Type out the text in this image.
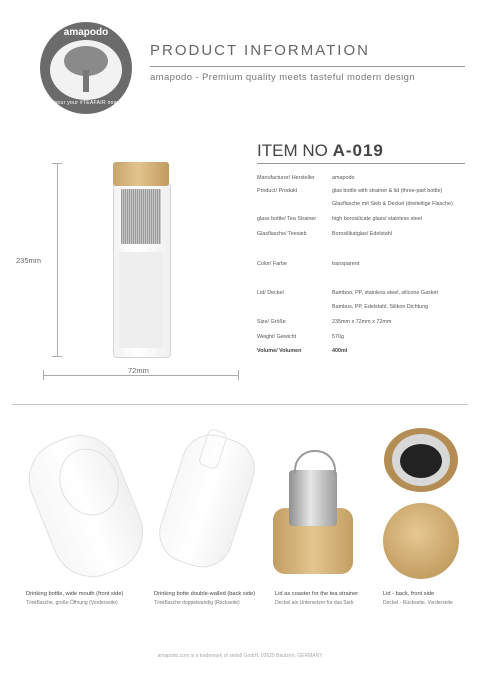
amapodo
pour your #TEAFAIR now
PRODUCT INFORMATION
amapodo - Premium quality meets tasteful modern design
ITEM NO A-019
Manufacturer/ Hersteller	amapodo
Product/ Produkt	glas bottle with strainer & lid (three-part bottle)
Glasflasche mit Sieb & Deckel (dreiteilige Flasche)
glass bottle/ Tea Strainer	high borosilicate glass/ stainless steel
Glasflasche/ Teesieb	Borosilikatglas/ Edelstahl
Color/ Farbe	transparent
Lid/ Deckel	Bamboo, PP, stainless steel, silicone Gasket
Bambus, PP, Edelstahl, Silikon Dichtung
Size/ Größe	235mm x 72mm x 72mm
Weight/ Gewicht	570g
Volume/ Volumen	400ml
235mm
72mm
Drinking bottle, wide mouth (front side)
Trinkflasche, große Öffnung (Vorderseite)
Drinking botte double-walled (back side)
Trinkflasche doppelwandig (Rückseite)
Lid as coaster for the tea strainer
Deckel als Untersetzer für das Sieb
Lid - back, front side
Deckel - Rückseite, Vorderseite
amapodo.com is a trademark of sedell GmbH, 02625 Bautzen, GERMANY
